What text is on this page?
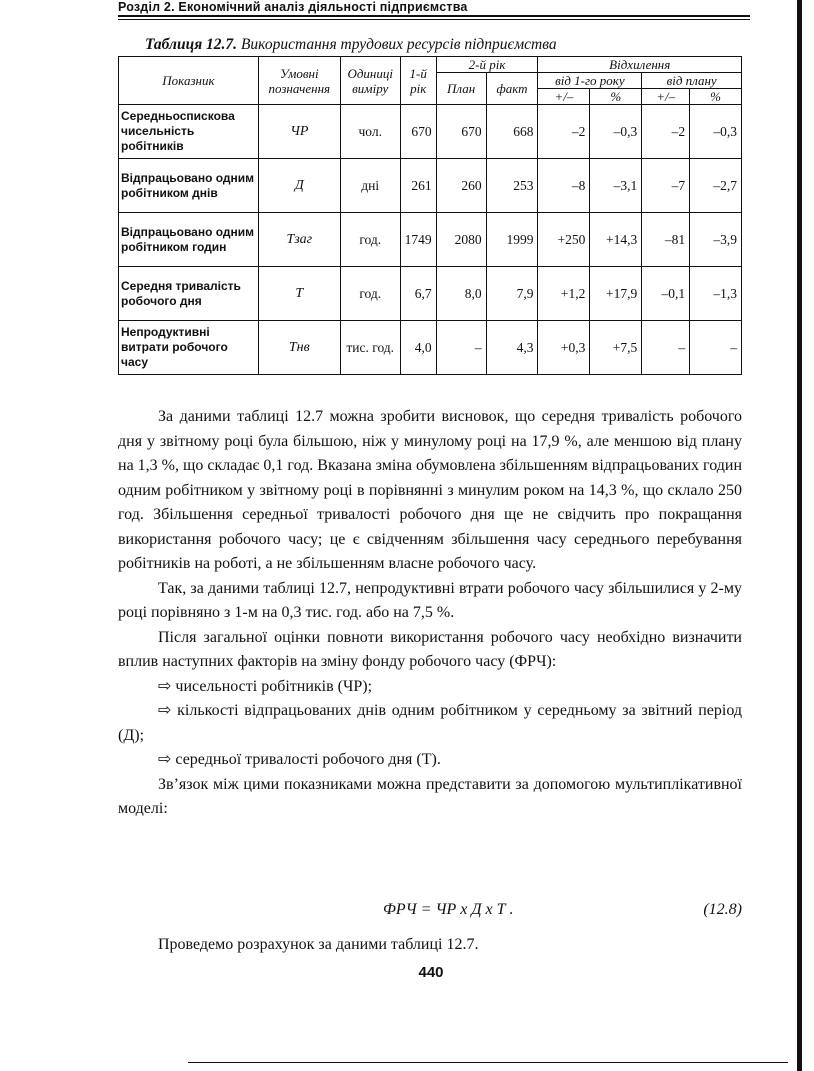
Розділ 2. Економічний аналіз діяльності підприємства
Таблиця 12.7. Використання трудових ресурсів підприємства
Показник	Умовні позначення	Одиниці виміру	1-й рік	2-й рік		Відхилення			
				План	факт	від 1-го року		від плану	
						+/–	%	+/–	%
Середньоспискова чисельність робітників	ЧР	чол.	670	670	668	–2	–0,3	–2	–0,3
Відпрацьовано одним робітником днів	Д	дні	261	260	253	–8	–3,1	–7	–2,7
Відпрацьовано одним робітником годин	Тзаг	год.	1749	2080	1999	+250	+14,3	–81	–3,9
Середня тривалість робочого дня	Т	год.	6,7	8,0	7,9	+1,2	+17,9	–0,1	–1,3
Непродуктивні витрати робочого часу	Тнв	тис. год.	4,0	–	4,3	+0,3	+7,5	–	–

За даними таблиці 12.7 можна зробити висновок, що середня тривалість робочого дня у звітному році була більшою, ніж у минулому році на 17,9 %, але меншою від плану на 1,3 %, що складає 0,1 год. Вказана зміна обумовлена збільшенням відпрацьованих годин одним робітником у звітному році в порівнянні з минулим роком на 14,3 %, що склало 250 год. Збільшення середньої тривалості робочого дня ще не свідчить про покращання використання робочого часу; це є свідченням збільшення часу середнього перебування робітників на роботі, а не збільшенням власне робочого часу.

Так, за даними таблиці 12.7, непродуктивні втрати робочого часу збільшилися у 2-му році порівняно з 1-м на 0,3 тис. год. або на 7,5 %.

Після загальної оцінки повноти використання робочого часу необхідно визначити вплив наступних факторів на зміну фонду робочого часу (ФРЧ):

⇨ чисельності робітників (ЧР);

⇨ кількості відпрацьованих днів одним робітником у середньому за звітний період (Д);

⇨ середньої тривалості робочого дня (Т).

Зв’язок між цими показниками можна представити за допомогою мультиплікативної моделі:

ФРЧ = ЧР х Д х Т .	(12.8)
Проведемо розрахунок за даними таблиці 12.7.
440
